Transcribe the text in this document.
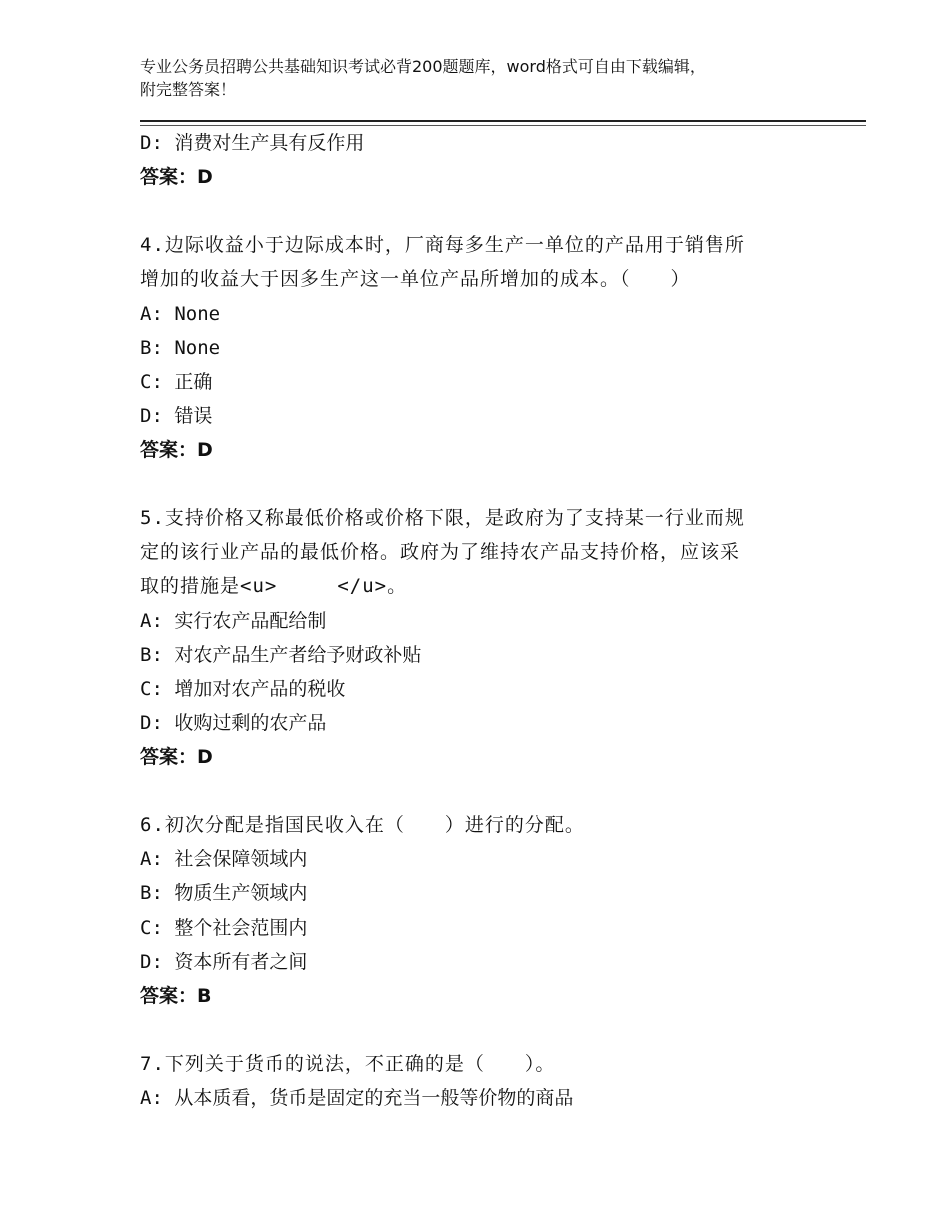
专业公务员招聘公共基础知识考试必背200题题库，word格式可自由下载编辑，
附完整答案！
D: 消费对生产具有反作用
答案：D
4.边际收益小于边际成本时，厂商每多生产一单位的产品用于销售所
增加的收益大于因多生产这一单位产品所增加的成本。（　　）
A: None
B: None
C: 正确
D: 错误
答案：D
5.支持价格又称最低价格或价格下限，是政府为了支持某一行业而规
定的该行业产品的最低价格。政府为了维持农产品支持价格，应该采
取的措施是<u>　　　</u>。
A: 实行农产品配给制
B: 对农产品生产者给予财政补贴
C: 增加对农产品的税收
D: 收购过剩的农产品
答案：D
6.初次分配是指国民收入在（　　）进行的分配。
A: 社会保障领域内
B: 物质生产领域内
C: 整个社会范围内
D: 资本所有者之间
答案：B
7.下列关于货币的说法，不正确的是（　　）。
A: 从本质看，货币是固定的充当一般等价物的商品
